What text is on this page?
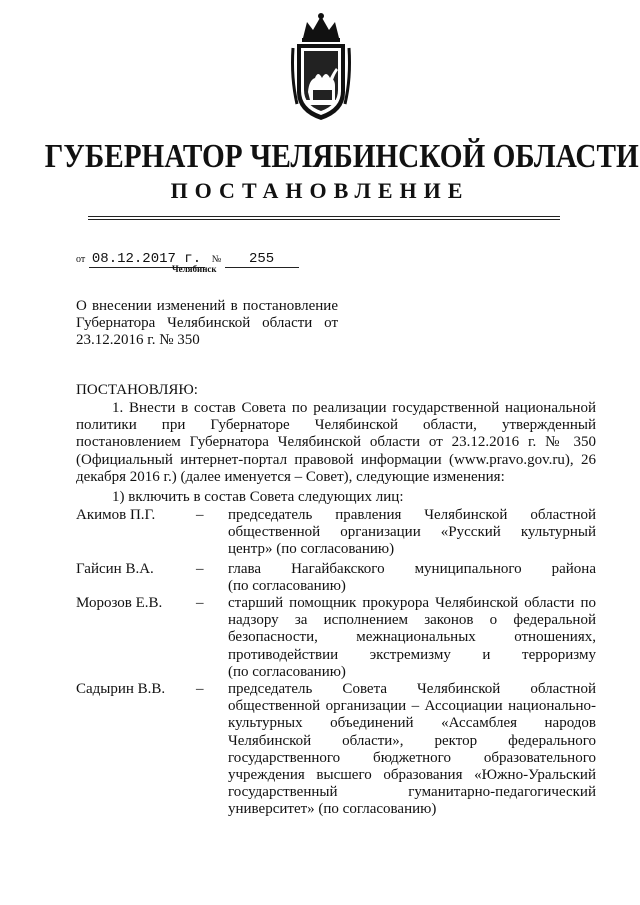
ГУБЕРНАТОР ЧЕЛЯБИНСКОЙ ОБЛАСТИ
ПОСТАНОВЛЕНИЕ
от 08.12.2017 г. № 255
Челябинск
О внесении изменений в постановление Губернатора Челябинской области от 23.12.2016 г. № 350
ПОСТАНОВЛЯЮ:
1. Внести в состав Совета по реализации государственной национальной политики при Губернаторе Челябинской области, утвержденный постановлением Губернатора Челябинской области от 23.12.2016 г. № 350 (Официальный интернет-портал правовой информации (www.pravo.gov.ru), 26 декабря 2016 г.) (далее именуется – Совет), следующие изменения:
1) включить в состав Совета следующих лиц:
Акимов П.Г.	– председатель правления Челябинской областной
общественной организации «Русский культурный
центр» (по согласованию)
Гайсин В.А.	– глава Нагайбакского муниципального района
(по согласованию)
Морозов Е.В. – старший помощник прокурора Челябинской области по
надзору за исполнением законов о федеральной
безопасности, межнациональных отношениях,
противодействии экстремизму и терроризму
(по согласованию)
Садырин В.В. – председатель Совета Челябинской областной
общественной организации – Ассоциации национально-
культурных объединений «Ассамблея народов
Челябинской области», ректор федерального
государственного бюджетного образовательного
учреждения высшего образования «Южно-Уральский
государственный гуманитарно-педагогический
университет» (по согласованию)
